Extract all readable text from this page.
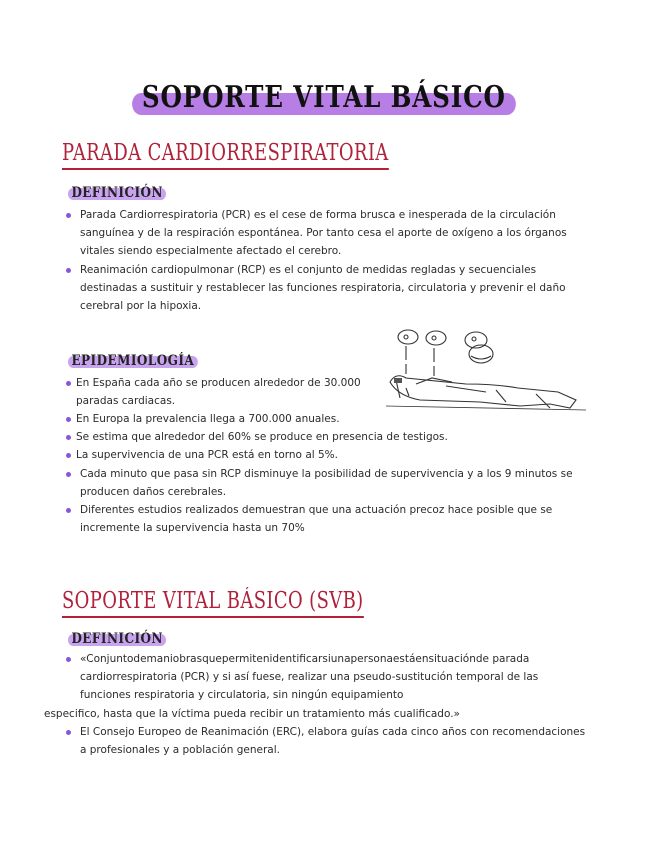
SOPORTE VITAL BÁSICO
PARADA CARDIORRESPIRATORIA
DEFINICIÓN
Parada Cardiorrespiratoria (PCR) es el cese de forma brusca e inesperada de la circulación sanguínea y de la respiración espontánea. Por tanto cesa el aporte de oxígeno a los órganos vitales siendo especialmente afectado el cerebro.
Reanimación cardiopulmonar (RCP) es el conjunto de medidas regladas y secuenciales destinadas a sustituir y restablecer las funciones respiratoria, circulatoria y prevenir el daño cerebral por la hipoxia.
EPIDEMIOLOGÍA
En España cada año se producen alrededor de 30.000 paradas cardiacas.
En Europa la prevalencia llega a 700.000 anuales.
Se estima que alrededor del 60% se produce en presencia de testigos.
La supervivencia de una PCR está en torno al 5%.
Cada minuto que pasa sin RCP disminuye la posibilidad de supervivencia y a los 9 minutos se producen daños cerebrales.
Diferentes estudios realizados demuestran que una actuación precoz hace posible que se incremente la supervivencia hasta un 70%
SOPORTE VITAL BÁSICO (SVB)
DEFINICIÓN
«Conjuntodemaniobrasquepermitenidentificarsiunapersonaestáensituaciónde parada cardiorrespiratoria (PCR) y si así fuese, realizar una pseudo-sustitución temporal de las funciones respiratoria y circulatoria, sin ningún equipamiento
especifico, hasta que la víctima pueda recibir un tratamiento más cualificado.»
El Consejo Europeo de Reanimación (ERC), elabora guías cada cinco años con recomendaciones a profesionales y a población general.
